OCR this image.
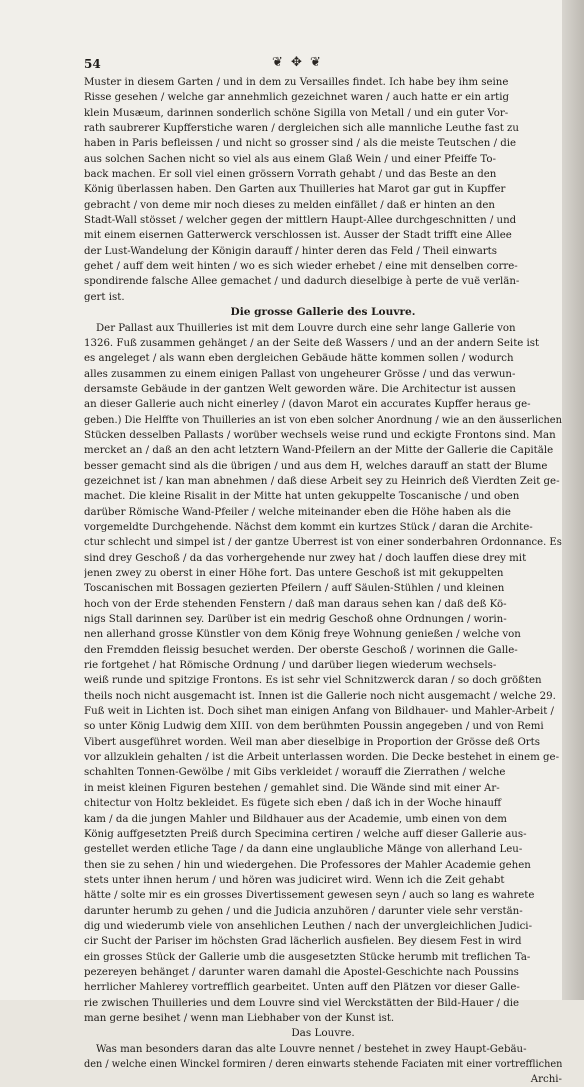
54	❦ ✥ ❦
Muster in diesem Garten / und in dem zu Versailles findet. Ich habe bey ihm seine
Risse gesehen / welche gar annehmlich gezeichnet waren / auch hatte er ein artig
klein Musæum, darinnen sonderlich schöne Sigilla von Metall / und ein guter Vor-
rath saubrerer Kupfferstiche waren / dergleichen sich alle mannliche Leuthe fast zu
haben in Paris befleissen / und nicht so grosser sind / als die meiste Teutschen / die
aus solchen Sachen nicht so viel als aus einem Glaß Wein / und einer Pfeiffe To-
back machen. Er soll viel einen grössern Vorrath gehabt / und das Beste an den
König überlassen haben. Den Garten aux Thuilleries hat Marot gar gut in Kupffer
gebracht / von deme mir noch dieses zu melden einfället / daß er hinten an den
Stadt-Wall stösset / welcher gegen der mittlern Haupt-Allee durchgeschnitten / und
mit einem eisernen Gatterwerck verschlossen ist. Ausser der Stadt trifft eine Allee
der Lust-Wandelung der Königin darauff / hinter deren das Feld / Theil einwarts
gehet / auff dem weit hinten / wo es sich wieder erhebet / eine mit denselben corre-
spondirende falsche Allee gemachet / und dadurch dieselbige à perte de vuë verlän-
gert ist.
Die grosse Gallerie des Louvre.
Der Pallast aux Thuilleries ist mit dem Louvre durch eine sehr lange Gallerie von
1326. Fuß zusammen gehänget / an der Seite deß Wassers / und an der andern Seite ist
es angeleget / als wann eben dergleichen Gebäude hätte kommen sollen / wodurch
alles zusammen zu einem einigen Pallast von ungeheurer Grösse / und das verwun-
dersamste Gebäude in der gantzen Welt geworden wäre. Die Architectur ist aussen
an dieser Gallerie auch nicht einerley / (davon Marot ein accurates Kupffer heraus ge-
geben.) Die Helffte von Thuilleries an ist von eben solcher Anordnung / wie an den äusserlichen
Stücken desselben Pallasts / worüber wechsels weise rund und eckigte Frontons sind. Man
mercket an / daß an den acht letztern Wand-Pfeilern an der Mitte der Gallerie die Capitäle
besser gemacht sind als die übrigen / und aus dem H, welches darauff an statt der Blume
gezeichnet ist / kan man abnehmen / daß diese Arbeit sey zu Heinrich deß Vierdten Zeit ge-
machet. Die kleine Risalit in der Mitte hat unten gekuppelte Toscanische / und oben
darüber Römische Wand-Pfeiler / welche miteinander eben die Höhe haben als die
vorgemeldte Durchgehende. Nächst dem kommt ein kurtzes Stück / daran die Archite-
ctur schlecht und simpel ist / der gantze Uberrest ist von einer sonderbahren Ordonnance. Es
sind drey Geschoß / da das vorhergehende nur zwey hat / doch lauffen diese drey mit
jenen zwey zu oberst in einer Höhe fort. Das untere Geschoß ist mit gekuppelten
Toscanischen mit Bossagen gezierten Pfeilern / auff Säulen-Stühlen / und kleinen
hoch von der Erde stehenden Fenstern / daß man daraus sehen kan / daß deß Kö-
nigs Stall darinnen sey. Darüber ist ein medrig Geschoß ohne Ordnungen / worin-
nen allerhand grosse Künstler von dem König freye Wohnung genießen / welche von
den Fremdden fleissig besuchet werden. Der oberste Geschoß / worinnen die Galle-
rie fortgehet / hat Römische Ordnung / und darüber liegen wiederum wechsels-
weiß runde und spitzige Frontons. Es ist sehr viel Schnitzwerck daran / so doch größten
theils noch nicht ausgemacht ist. Innen ist die Gallerie noch nicht ausgemacht / welche 29.
Fuß weit in Lichten ist. Doch sihet man einigen Anfang von Bildhauer- und Mahler-Arbeit /
so unter König Ludwig dem XIII. von dem berühmten Poussin angegeben / und von Remi
Vibert ausgeführet worden. Weil man aber dieselbige in Proportion der Grösse deß Orts
vor allzuklein gehalten / ist die Arbeit unterlassen worden. Die Decke bestehet in einem ge-
schahlten Tonnen-Gewölbe / mit Gibs verkleidet / worauff die Zierrathen / welche
in meist kleinen Figuren bestehen / gemahlet sind. Die Wände sind mit einer Ar-
chitectur von Holtz bekleidet. Es fügete sich eben / daß ich in der Woche hinauff
kam / da die jungen Mahler und Bildhauer aus der Academie, umb einen von dem
König auffgesetzten Preiß durch Specimina certiren / welche auff dieser Gallerie aus-
gestellet werden etliche Tage / da dann eine unglaubliche Mänge von allerhand Leu-
then sie zu sehen / hin und wiedergehen. Die Professores der Mahler Academie gehen
stets unter ihnen herum / und hören was judiciret wird. Wenn ich die Zeit gehabt
hätte / solte mir es ein grosses Divertissement gewesen seyn / auch so lang es wahrete
darunter herumb zu gehen / und die Judicia anzuhören / darunter viele sehr verstän-
dig und wiederumb viele von ansehlichen Leuthen / nach der unvergleichlichen Judici-
cir Sucht der Pariser im höchsten Grad lächerlich ausfielen. Bey diesem Fest in wird
ein grosses Stück der Gallerie umb die ausgesetzten Stücke herumb mit treflichen Ta-
pezereyen behänget / darunter waren damahl die Apostel-Geschichte nach Poussins
herrlicher Mahlerey vortrefflich gearbeitet. Unten auff den Plätzen vor dieser Galle-
rie zwischen Thuilleries und dem Louvre sind viel Werckstätten der Bild-Hauer / die
man gerne besihet / wenn man Liebhaber von der Kunst ist.
Das Louvre.
Was man besonders daran das alte Louvre nennet / bestehet in zwey Haupt-Gebäu-
den / welche einen Winckel formiren / deren einwarts stehende Faciaten mit einer vortrefflichen
Archi-
